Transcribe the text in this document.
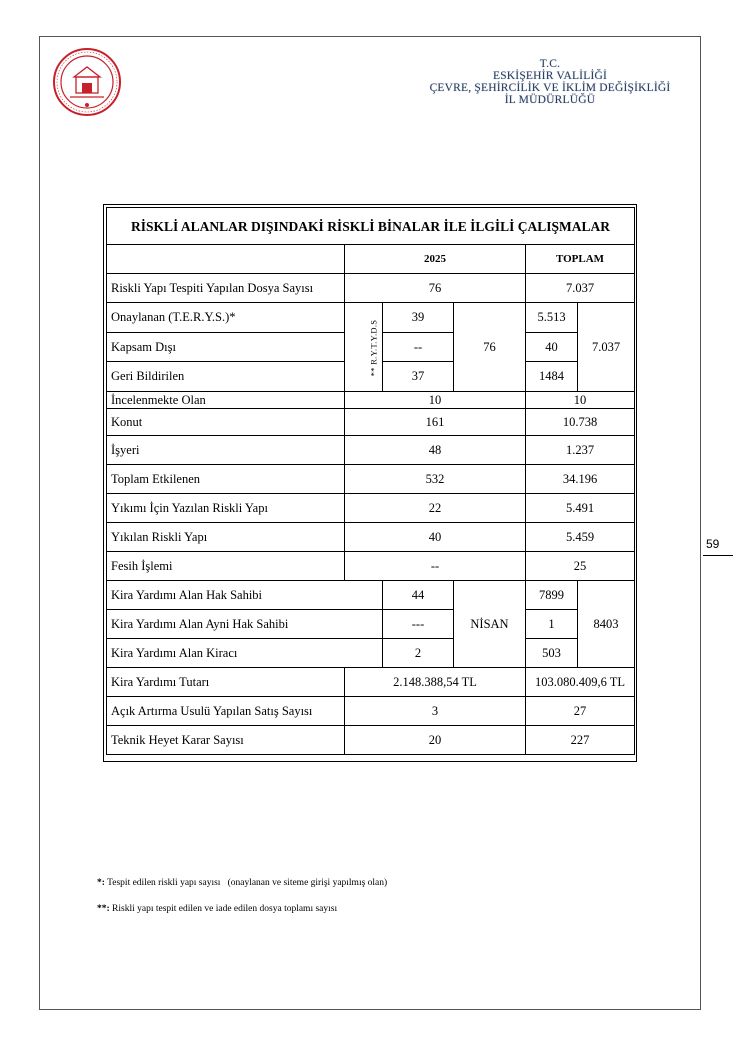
T.C.
ESKİŞEHİR VALİLİĞİ
ÇEVRE, ŞEHİRCİLİK VE İKLİM DEĞİŞİKLİĞİ
İL MÜDÜRLÜĞÜ
59
RİSKLİ ALANLAR DIŞINDAKİ RİSKLİ BİNALAR İLE İLGİLİ ÇALIŞMALAR					
	2025			TOPLAM	
Riskli Yapı Tespiti Yapılan Dosya Sayısı	76			7.037	
Onaylanan (T.E.R.Y.S.)*	** R.Y.T.Y.D.S	39	76	5.513	7.037
Kapsam Dışı		--		40	
Geri Bildirilen		37		1484	
İncelenmekte Olan	10			10	
Konut	161			10.738	
İşyeri	48			1.237	
Toplam Etkilenen	532			34.196	
Yıkımı İçin Yazılan Riskli Yapı	22			5.491	
Yıkılan Riskli Yapı	40			5.459	
Fesih İşlemi	--			25	
Kira Yardımı Alan Hak Sahibi		44	NİSAN	7899	8403
Kira Yardımı Alan Ayni Hak Sahibi		---		1	
Kira Yardımı Alan Kiracı		2		503	
Kira Yardımı Tutarı	2.148.388,54 TL			103.080.409,6 TL	
Açık Artırma Usulü Yapılan Satış Sayısı	3			27	
Teknik Heyet Karar Sayısı	20			227	
*: Tespit edilen riskli yapı sayısı   (onaylanan ve siteme girişi yapılmış olan)
**: Riskli yapı tespit edilen ve iade edilen dosya toplamı sayısı
